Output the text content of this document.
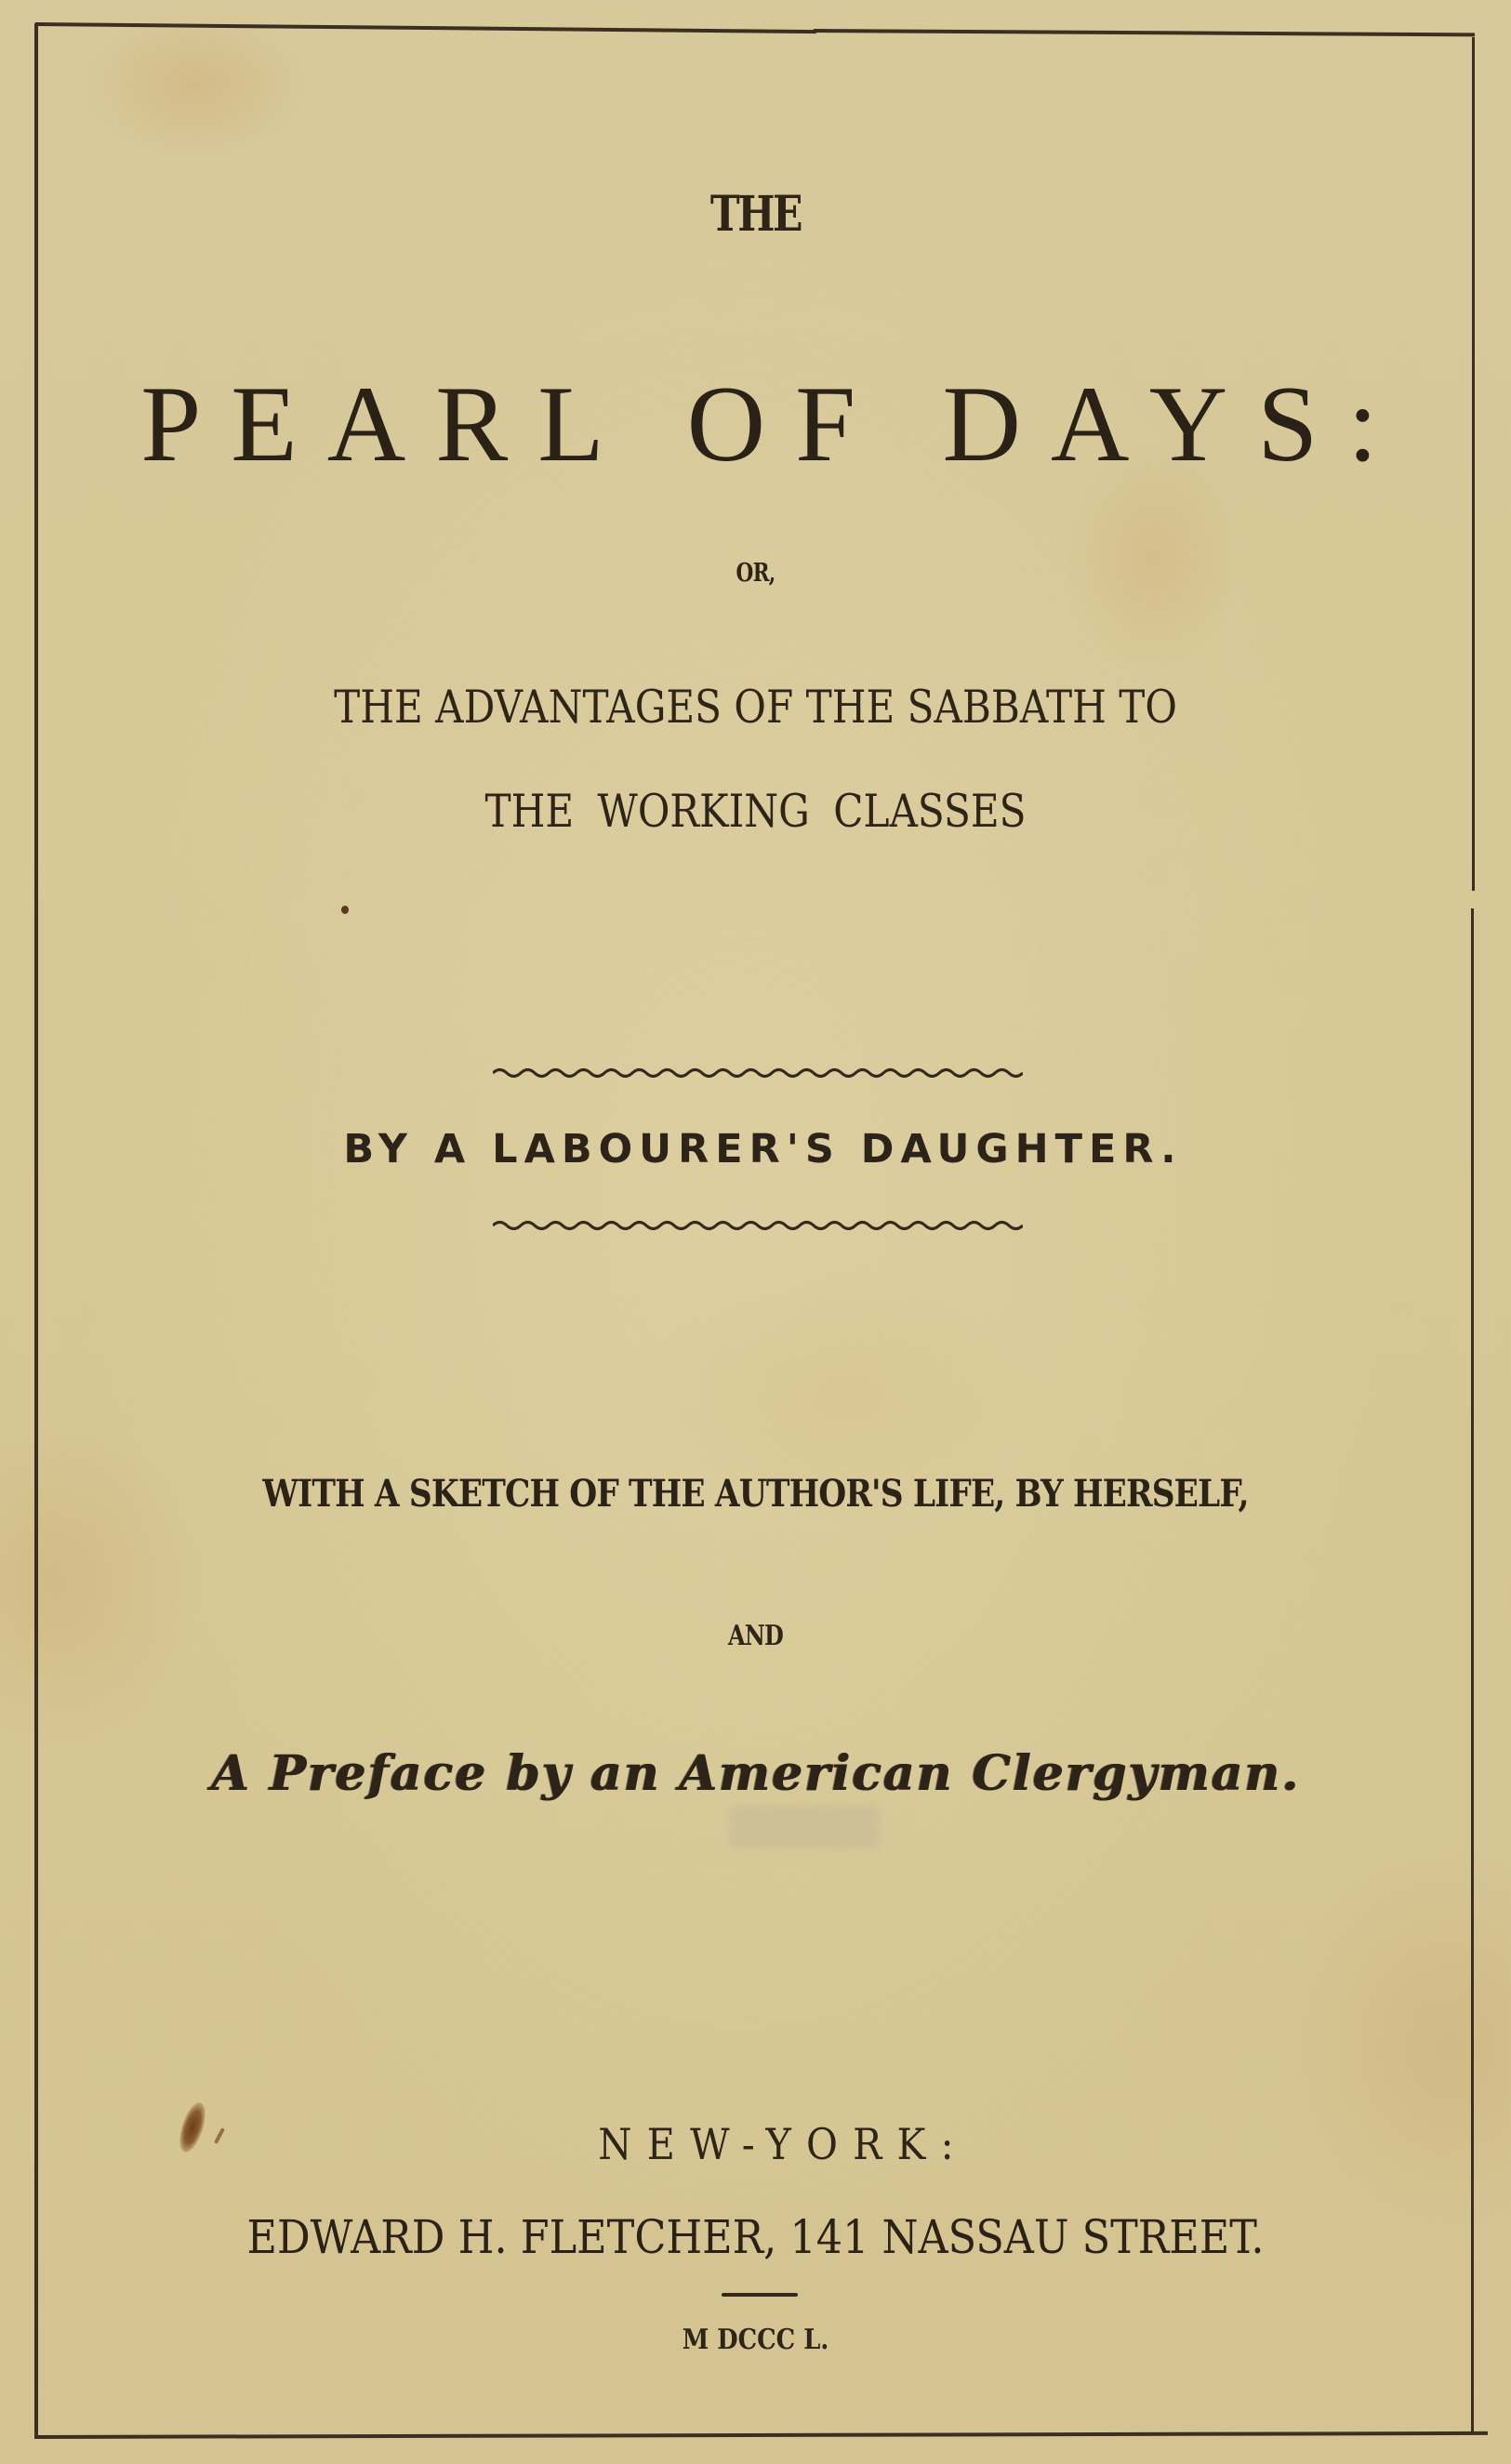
THE
PEARL OF DAYS:
OR,
THE ADVANTAGES OF THE SABBATH TO
THE WORKING CLASSES
BY A LABOURER'S DAUGHTER.
WITH A SKETCH OF THE AUTHOR'S LIFE, BY HERSELF,
AND
A Preface by an American Clergyman.
NEW-YORK:
EDWARD H. FLETCHER, 141 NASSAU STREET.
M DCCC L.
